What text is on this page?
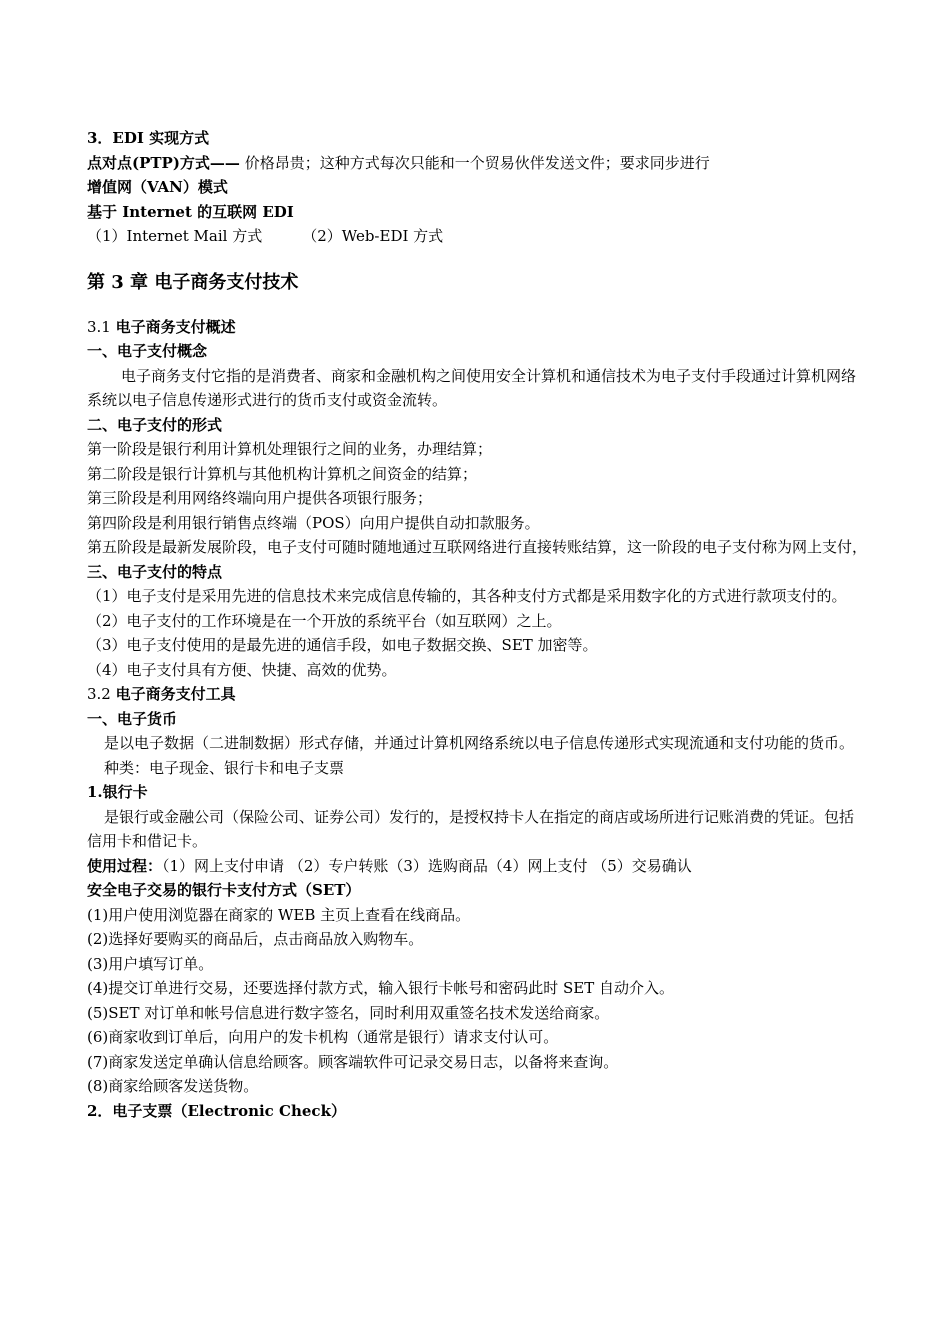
3．EDI 实现方式
点对点(PTP)方式—— 价格昂贵；这种方式每次只能和一个贸易伙伴发送文件；要求同步进行
增值网（VAN）模式
基于 Internet 的互联网 EDI
（1）Internet Mail 方式	（2）Web-EDI 方式
第 3 章 电子商务支付技术
3.1 电子商务支付概述
一、电子支付概念
电子商务支付它指的是消费者、商家和金融机构之间使用安全计算机和通信技术为电子支付手段通过计算机网络系统以电子信息传递形式进行的货币支付或资金流转。
二、电子支付的形式
第一阶段是银行利用计算机处理银行之间的业务，办理结算；
第二阶段是银行计算机与其他机构计算机之间资金的结算；
第三阶段是利用网络终端向用户提供各项银行服务；
第四阶段是利用银行销售点终端（POS）向用户提供自动扣款服务。
第五阶段是最新发展阶段，电子支付可随时随地通过互联网络进行直接转账结算，这一阶段的电子支付称为网上支付，
三、电子支付的特点
（1）电子支付是采用先进的信息技术来完成信息传输的，其各种支付方式都是采用数字化的方式进行款项支付的。
（2）电子支付的工作环境是在一个开放的系统平台（如互联网）之上。
（3）电子支付使用的是最先进的通信手段，如电子数据交换、SET 加密等。
（4）电子支付具有方便、快捷、高效的优势。
3.2 电子商务支付工具
一、电子货币
是以电子数据（二进制数据）形式存储，并通过计算机网络系统以电子信息传递形式实现流通和支付功能的货币。
种类：电子现金、银行卡和电子支票
1.银行卡
是银行或金融公司（保险公司、证券公司）发行的，是授权持卡人在指定的商店或场所进行记账消费的凭证。包括信用卡和借记卡。
使用过程：（1）网上支付申请 （2）专户转账（3）选购商品（4）网上支付 （5）交易确认
安全电子交易的银行卡支付方式（SET）
(1)用户使用浏览器在商家的 WEB 主页上查看在线商品。
(2)选择好要购买的商品后，点击商品放入购物车。
(3)用户填写订单。
(4)提交订单进行交易，还要选择付款方式，输入银行卡帐号和密码此时 SET 自动介入。
(5)SET 对订单和帐号信息进行数字签名，同时利用双重签名技术发送给商家。
(6)商家收到订单后，向用户的发卡机构（通常是银行）请求支付认可。
(7)商家发送定单确认信息给顾客。顾客端软件可记录交易日志，以备将来查询。
(8)商家给顾客发送货物。
2．电子支票（Electronic Check）
